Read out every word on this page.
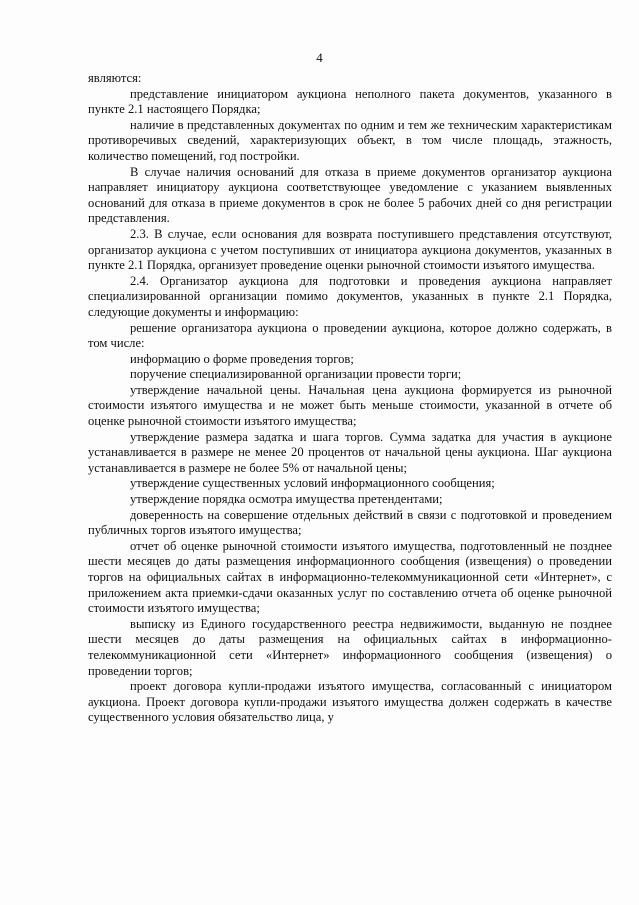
4

являются:

представление инициатором аукциона неполного пакета документов, указанного в пункте 2.1 настоящего Порядка;

наличие в представленных документах по одним и тем же техническим характеристикам противоречивых сведений, характеризующих объект, в том числе площадь, этажность, количество помещений, год постройки.

В случае наличия оснований для отказа в приеме документов организатор аукциона направляет инициатору аукциона соответствующее уведомление с указанием выявленных оснований для отказа в приеме документов в срок не более 5 рабочих дней со дня регистрации представления.

2.3. В случае, если основания для возврата поступившего представления отсутствуют, организатор аукциона с учетом поступивших от инициатора аукциона документов, указанных в пункте 2.1 Порядка, организует проведение оценки рыночной стоимости изъятого имущества.

2.4. Организатор аукциона для подготовки и проведения аукциона направляет специализированной организации помимо документов, указанных в пункте 2.1 Порядка, следующие документы и информацию:

решение организатора аукциона о проведении аукциона, которое должно содержать, в том числе:

информацию о форме проведения торгов;

поручение специализированной организации провести торги;

утверждение начальной цены. Начальная цена аукциона формируется из рыночной стоимости изъятого имущества и не может быть меньше стоимости, указанной в отчете об оценке рыночной стоимости изъятого имущества;

утверждение размера задатка и шага торгов. Сумма задатка для участия в аукционе устанавливается в размере не менее 20 процентов от начальной цены аукциона. Шаг аукциона устанавливается в размере не более 5% от начальной цены;

утверждение существенных условий информационного сообщения;

утверждение порядка осмотра имущества претендентами;

доверенность на совершение отдельных действий в связи с подготовкой и проведением публичных торгов изъятого имущества;

отчет об оценке рыночной стоимости изъятого имущества, подготовленный не позднее шести месяцев до даты размещения информационного сообщения (извещения) о проведении торгов на официальных сайтах в информационно-телекоммуникационной сети «Интернет», с приложением акта приемки-сдачи оказанных услуг по составлению отчета об оценке рыночной стоимости изъятого имущества;

выписку из Единого государственного реестра недвижимости, выданную не позднее шести месяцев до даты размещения на официальных сайтах в информационно-телекоммуникационной сети «Интернет» информационного сообщения (извещения) о проведении торгов;

проект договора купли-продажи изъятого имущества, согласованный с инициатором аукциона. Проект договора купли-продажи изъятого имущества должен содержать в качестве существенного условия обязательство лица, у
